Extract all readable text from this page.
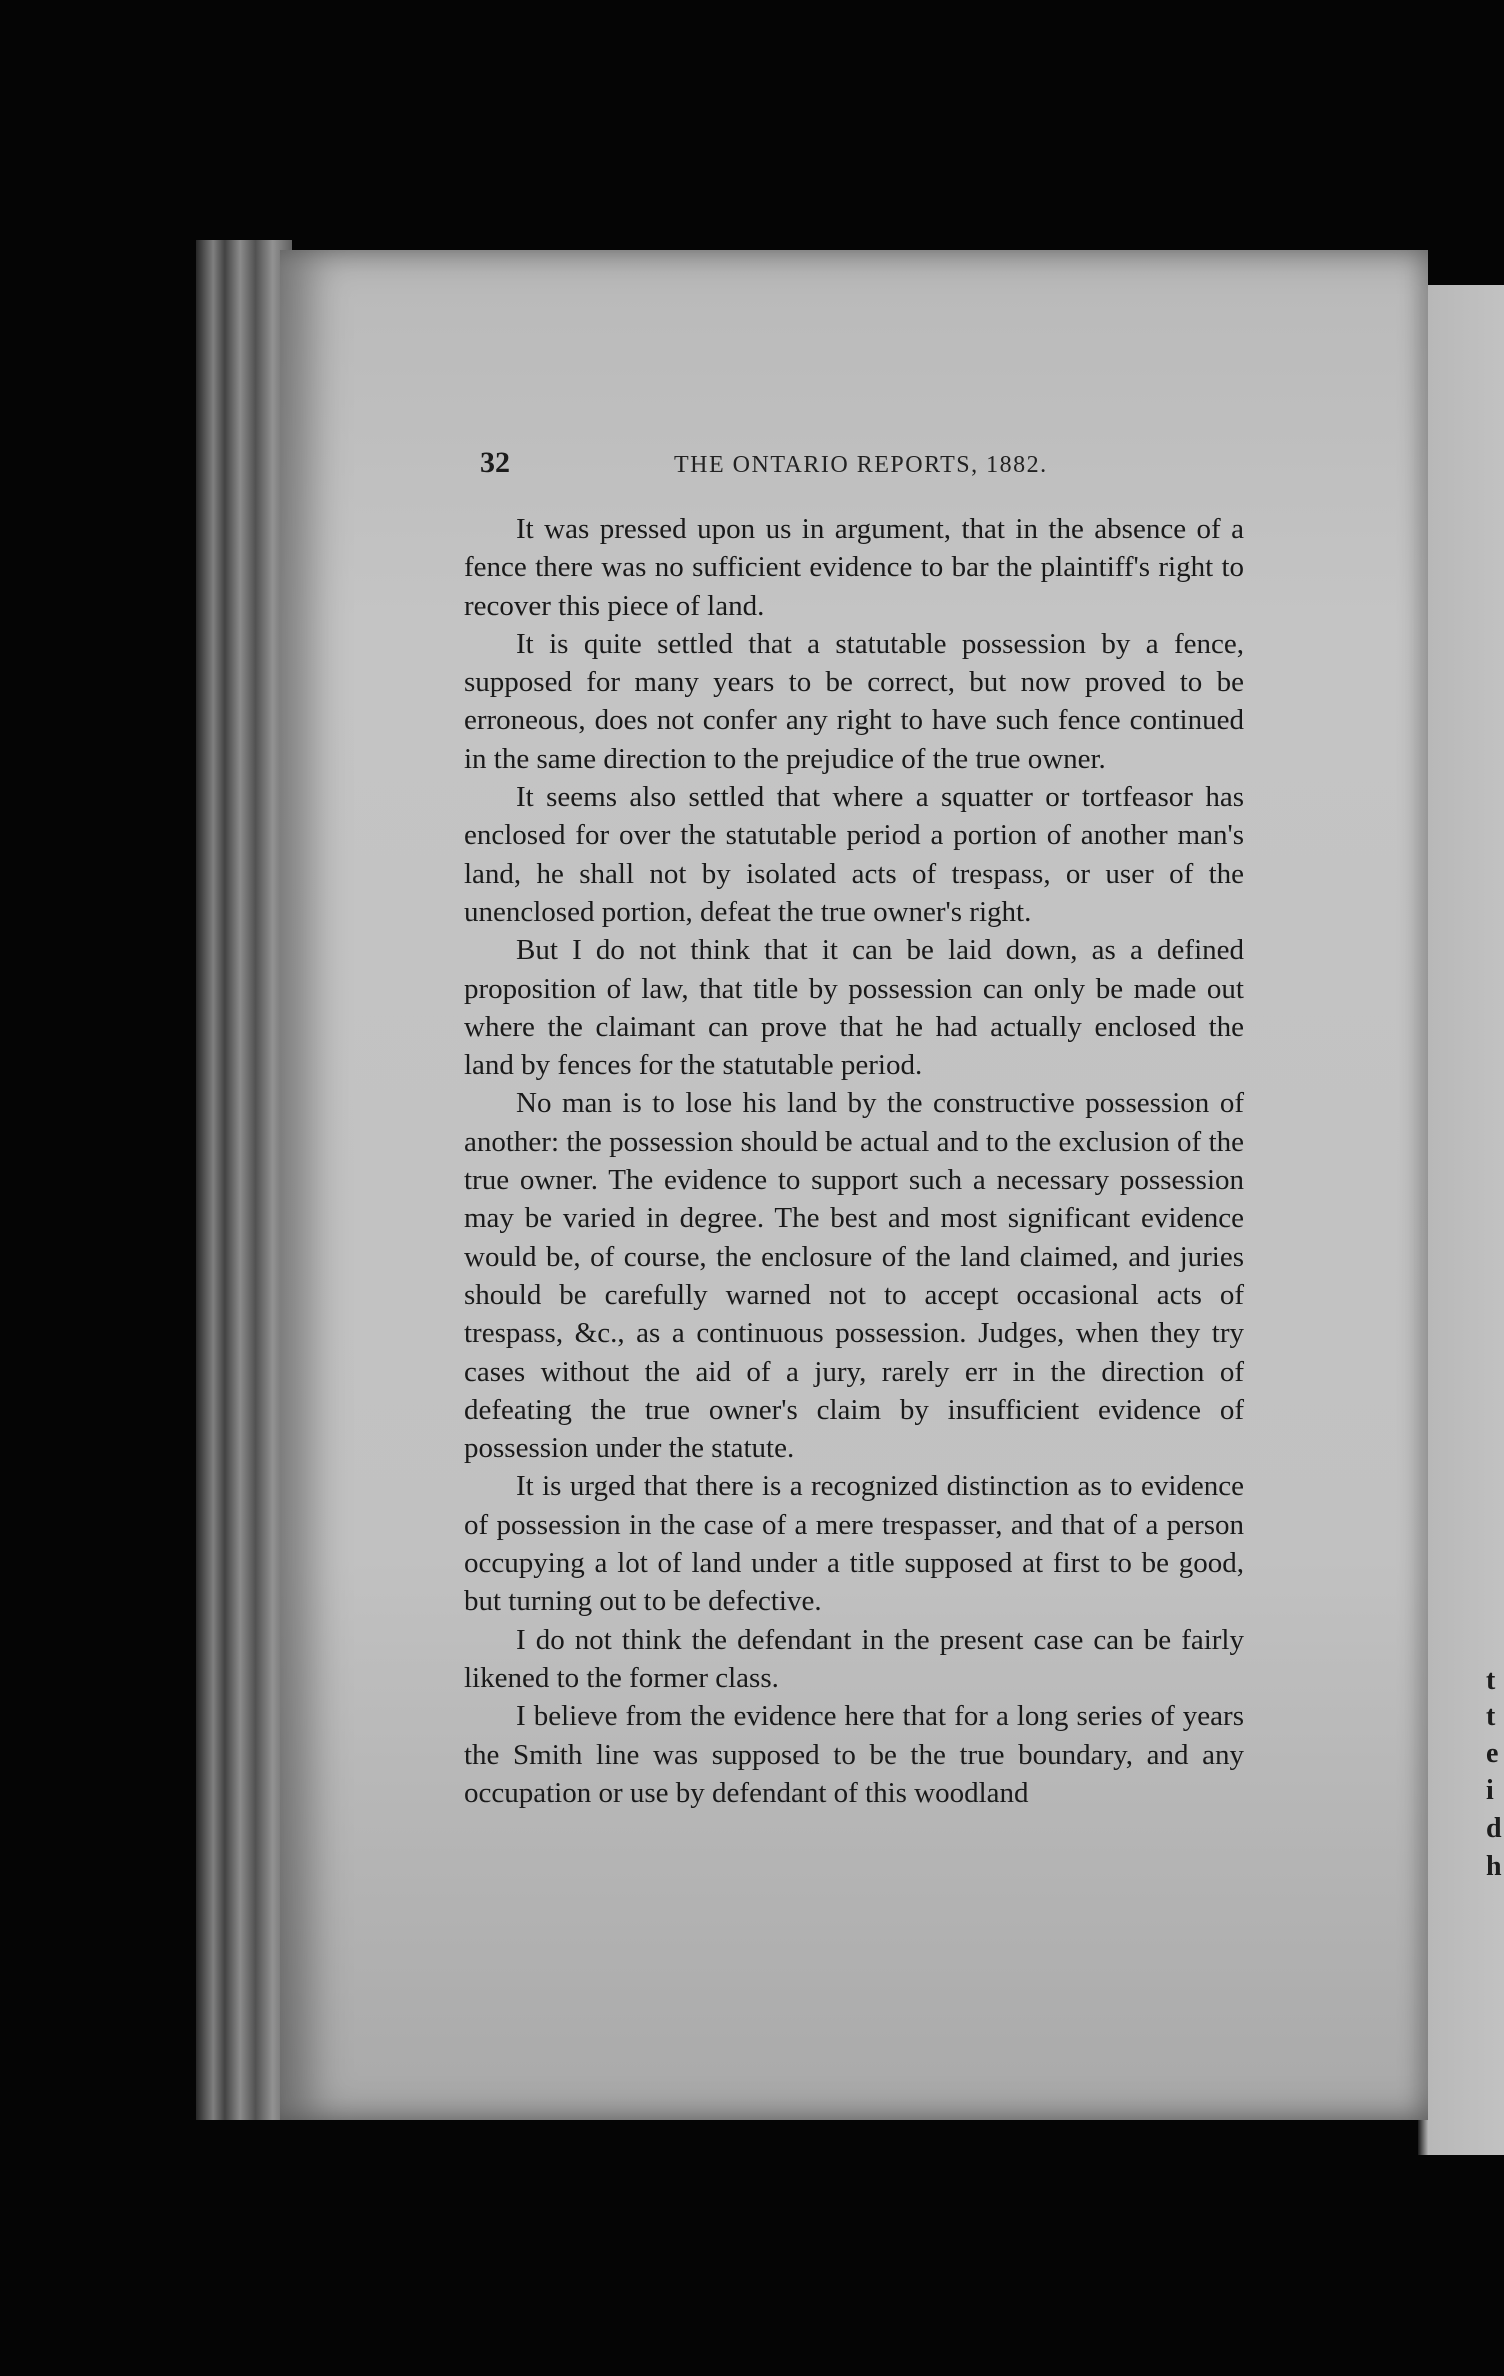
t
t
e
i
d
h
32	THE ONTARIO REPORTS, 1882.

It was pressed upon us in argument, that in the absence of a fence there was no sufficient evidence to bar the plaintiff's right to recover this piece of land.

It is quite settled that a statutable possession by a fence, supposed for many years to be correct, but now proved to be erroneous, does not confer any right to have such fence continued in the same direction to the prejudice of the true owner.

It seems also settled that where a squatter or tortfeasor has enclosed for over the statutable period a portion of another man's land, he shall not by isolated acts of trespass, or user of the unenclosed portion, defeat the true owner's right.

But I do not think that it can be laid down, as a defined proposition of law, that title by possession can only be made out where the claimant can prove that he had actually enclosed the land by fences for the statutable period.

No man is to lose his land by the constructive possession of another: the possession should be actual and to the exclusion of the true owner. The evidence to support such a necessary possession may be varied in degree. The best and most significant evidence would be, of course, the enclosure of the land claimed, and juries should be carefully warned not to accept occasional acts of trespass, &c., as a continuous possession. Judges, when they try cases without the aid of a jury, rarely err in the direction of defeating the true owner's claim by insufficient evidence of possession under the statute.

It is urged that there is a recognized distinction as to evidence of possession in the case of a mere trespasser, and that of a person occupying a lot of land under a title supposed at first to be good, but turning out to be defective.

I do not think the defendant in the present case can be fairly likened to the former class.

I believe from the evidence here that for a long series of years the Smith line was supposed to be the true boundary, and any occupation or use by defendant of this woodland
